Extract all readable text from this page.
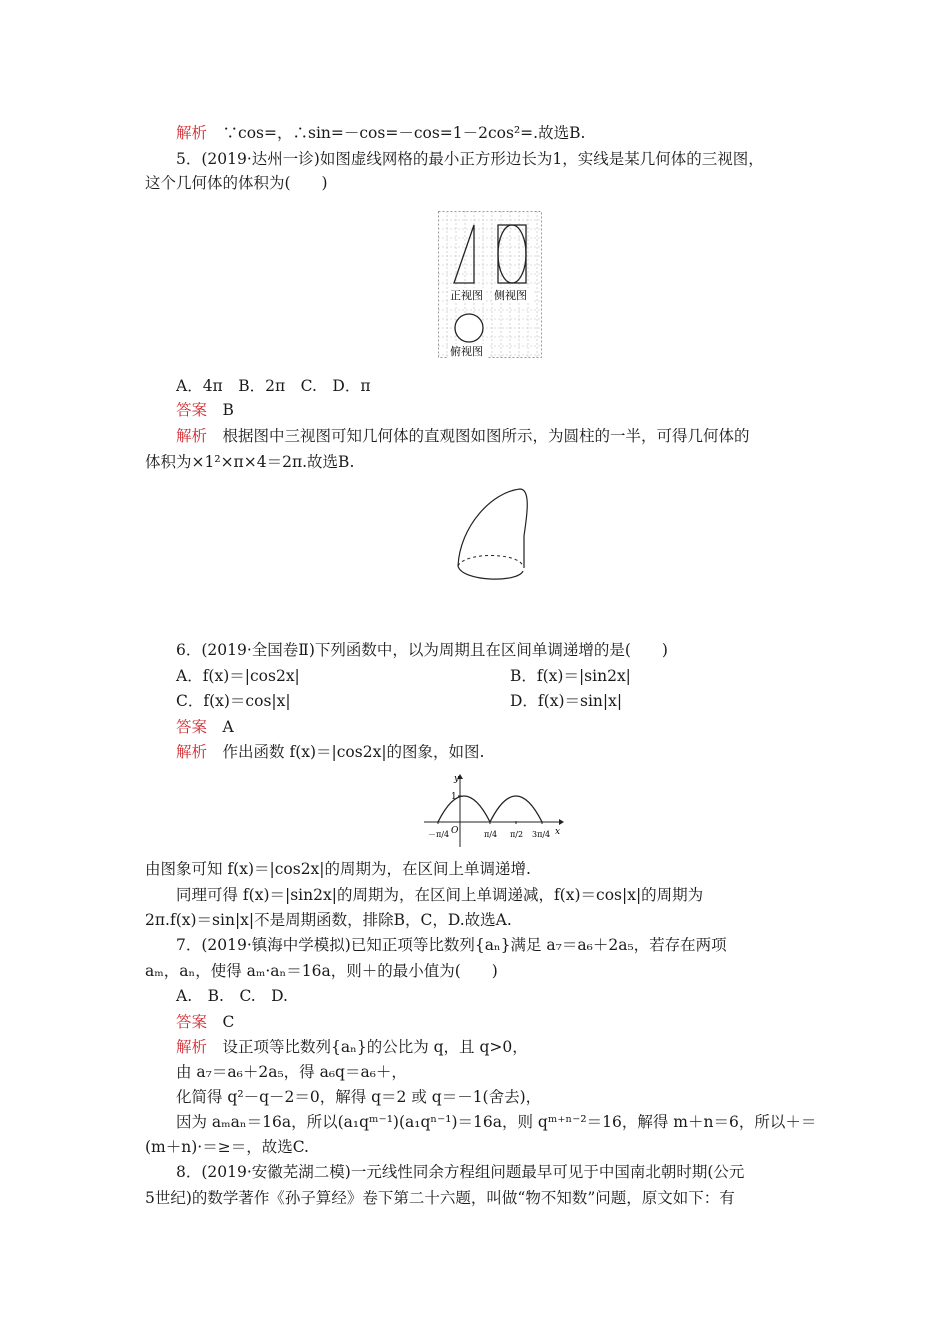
解析　 ∵cos=，∴sin=－cos=－cos=1－2cos²=.故选B.
5．(2019·达州一诊)如图虚线网格的最小正方形边长为1，实线是某几何体的三视图，
这个几何体的体积为(　　)
正视图 侧视图
俯视图
A．4π　B．2π　C.　D．π
答案　 B
解析　 根据图中三视图可知几何体的直观图如图所示，为圆柱的一半，可得几何体的
体积为×1²×π×4＝2π.故选B.
6．(2019·全国卷Ⅱ)下列函数中，以为周期且在区间单调递增的是(　　)
A．f(x)＝|cos2x|	B．f(x)＝|sin2x|
C．f(x)＝cos|x|	D．f(x)＝sin|x|
答案　 A
解析　 作出函数 f(x)＝|cos2x|的图象，如图.
y
x
1
O
－π/4	π/4 π/2 3π/4
由图象可知 f(x)＝|cos2x|的周期为，在区间上单调递增.
同理可得 f(x)＝|sin2x|的周期为，在区间上单调递减，f(x)＝cos|x|的周期为
2π.f(x)＝sin|x|不是周期函数，排除B，C，D.故选A.
7．(2019·镇海中学模拟)已知正项等比数列{aₙ}满足 a₇＝a₆＋2a₅，若存在两项
aₘ，aₙ，使得 aₘ·aₙ＝16a，则＋的最小值为(　　)
A.　B.　C.　D.
答案　 C
解析　 设正项等比数列{aₙ}的公比为 q，且 q>0，
由 a₇＝a₆＋2a₅，得 a₆q＝a₆＋，
化简得 q²－q－2＝0，解得 q＝2 或 q＝－1(舍去)，
因为 aₘaₙ＝16a，所以(a₁qᵐ⁻¹)(a₁qⁿ⁻¹)＝16a，则 qᵐ⁺ⁿ⁻²＝16，解得 m＋n＝6，所以＋＝
(m＋n)·＝≥＝，故选C.
8．(2019·安徽芜湖二模)一元线性同余方程组问题最早可见于中国南北朝时期(公元
5世纪)的数学著作《孙子算经》卷下第二十六题，叫做“物不知数”问题，原文如下：有
